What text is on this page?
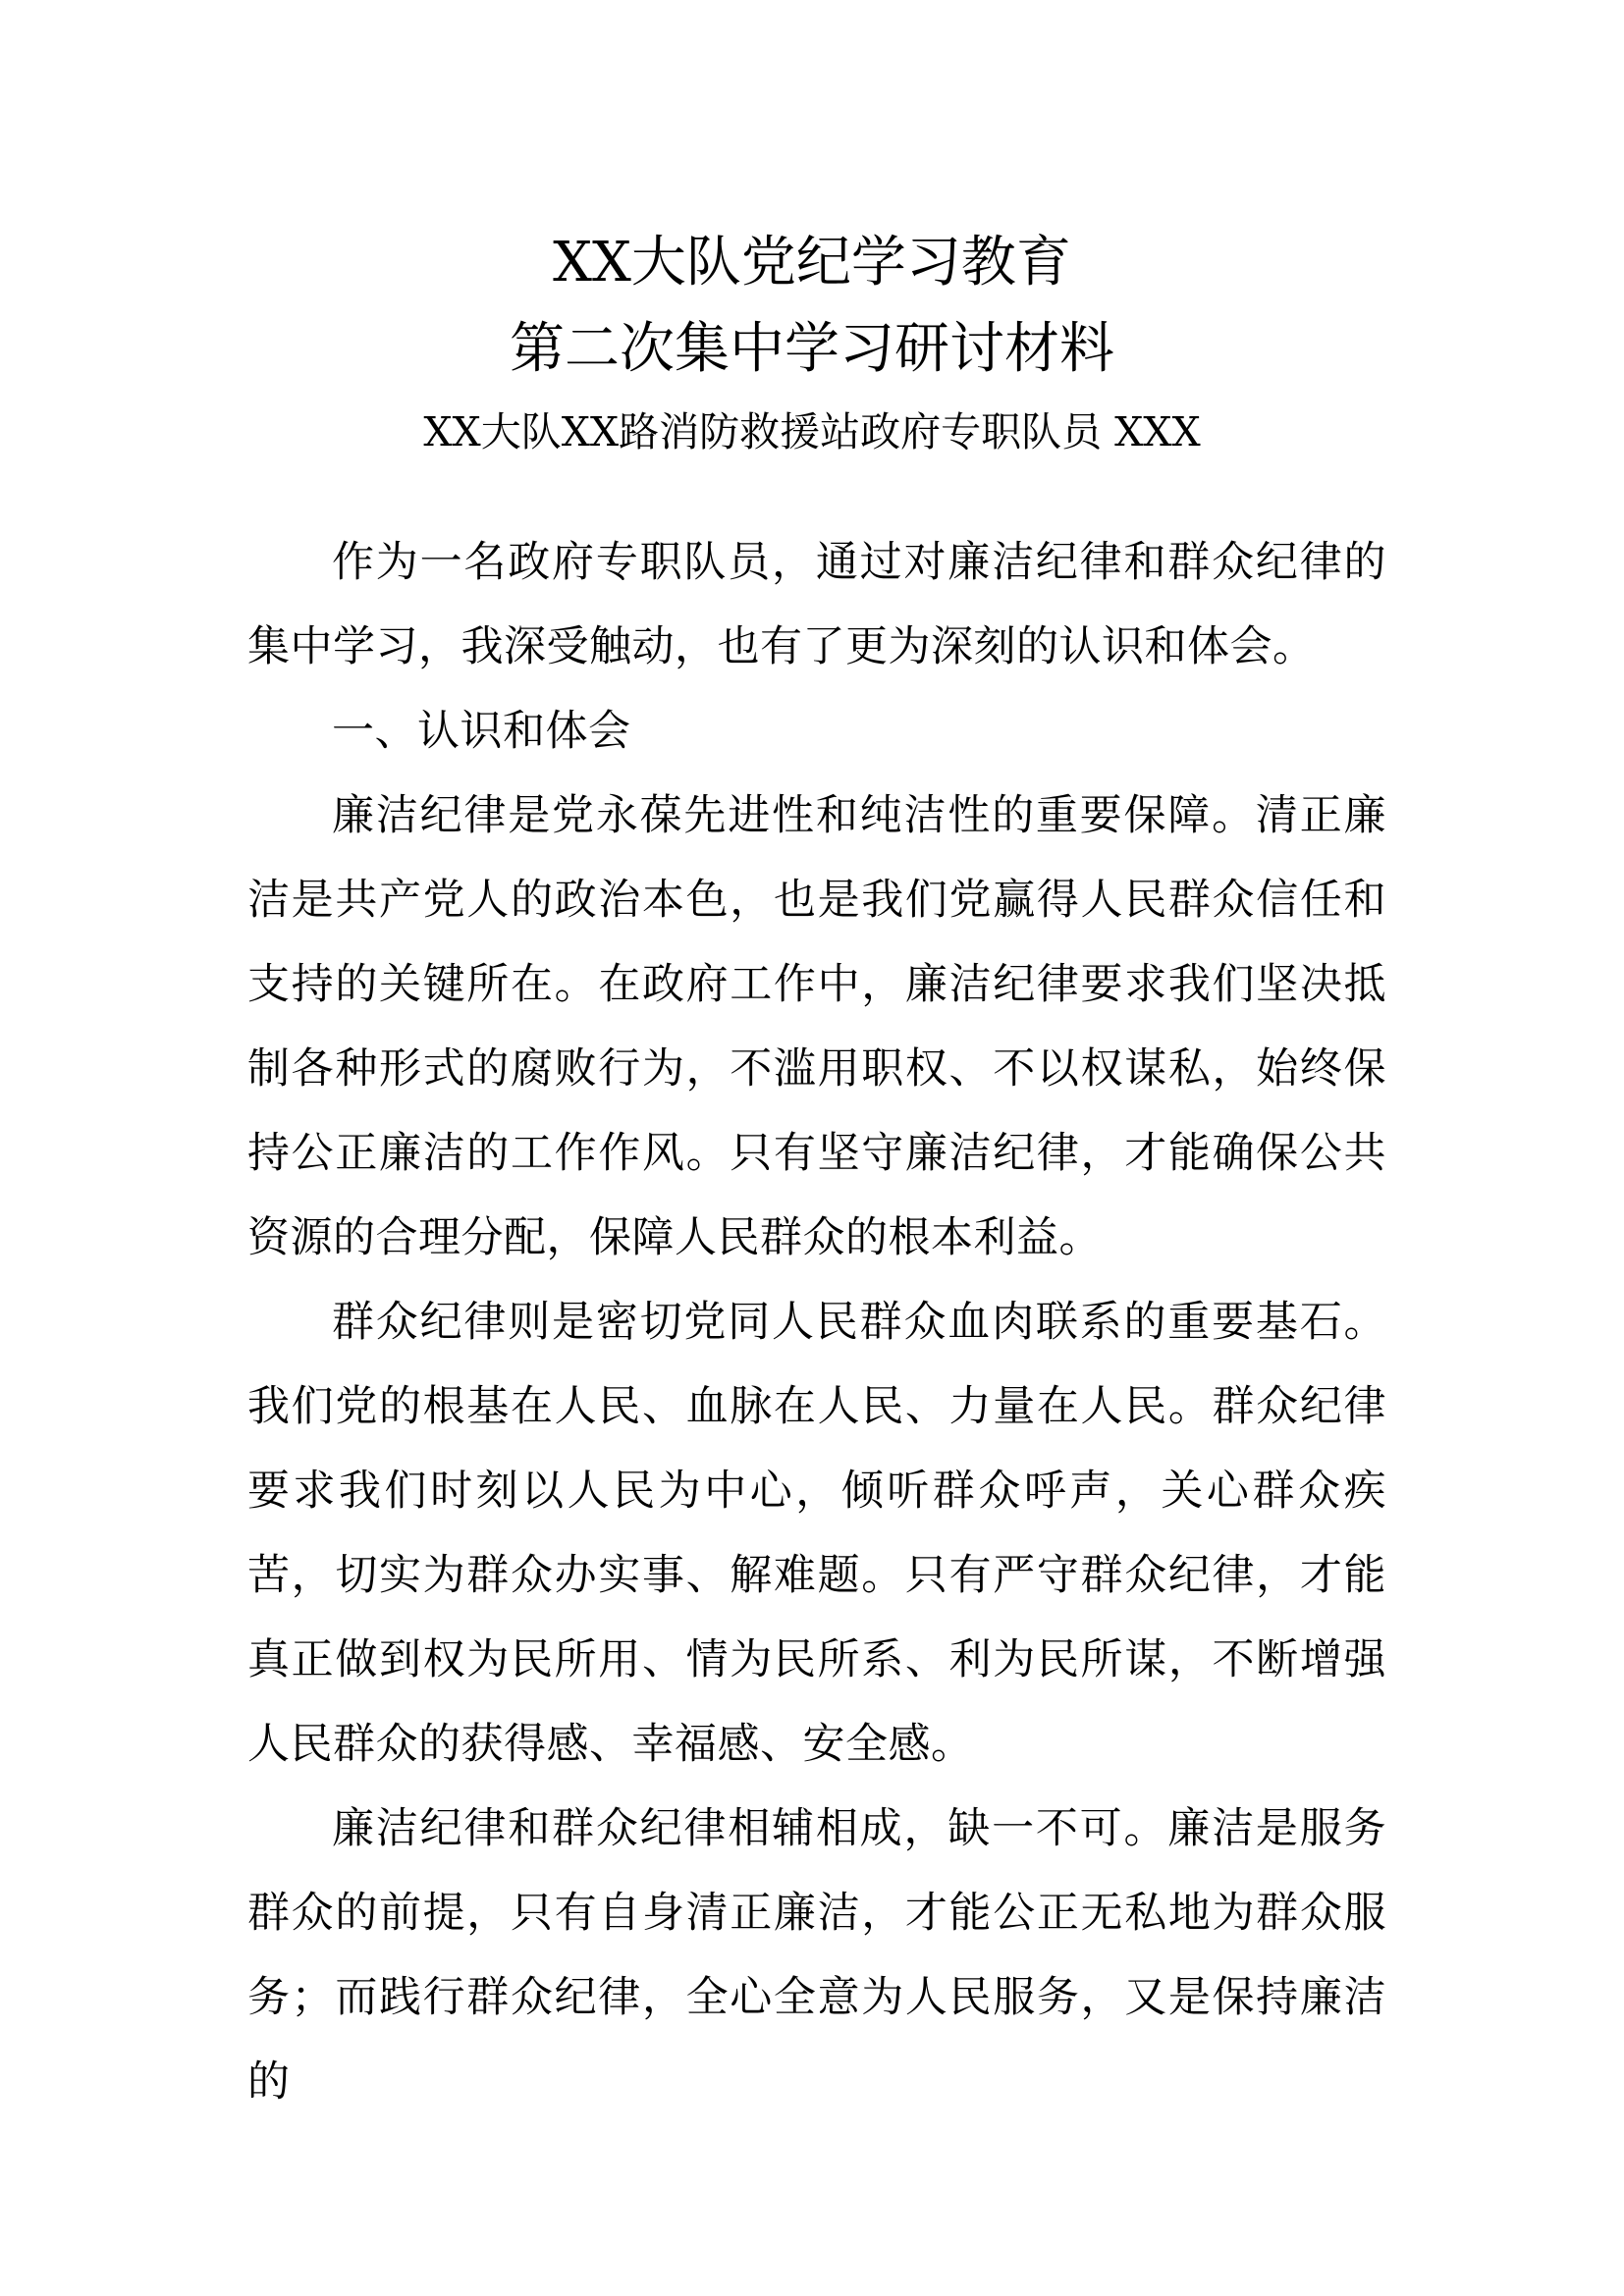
XX大队党纪学习教育
第二次集中学习研讨材料

XX大队XX路消防救援站政府专职队员 XXX

作为一名政府专职队员，通过对廉洁纪律和群众纪律的集中学习，我深受触动，也有了更为深刻的认识和体会。

一、认识和体会

廉洁纪律是党永葆先进性和纯洁性的重要保障。清正廉洁是共产党人的政治本色，也是我们党赢得人民群众信任和支持的关键所在。在政府工作中，廉洁纪律要求我们坚决抵制各种形式的腐败行为，不滥用职权、不以权谋私，始终保持公正廉洁的工作作风。只有坚守廉洁纪律，才能确保公共资源的合理分配，保障人民群众的根本利益。

群众纪律则是密切党同人民群众血肉联系的重要基石。我们党的根基在人民、血脉在人民、力量在人民。群众纪律要求我们时刻以人民为中心，倾听群众呼声，关心群众疾苦，切实为群众办实事、解难题。只有严守群众纪律，才能真正做到权为民所用、情为民所系、利为民所谋，不断增强人民群众的获得感、幸福感、安全感。

廉洁纪律和群众纪律相辅相成，缺一不可。廉洁是服务群众的前提，只有自身清正廉洁，才能公正无私地为群众服务；而践行群众纪律，全心全意为人民服务，又是保持廉洁的
